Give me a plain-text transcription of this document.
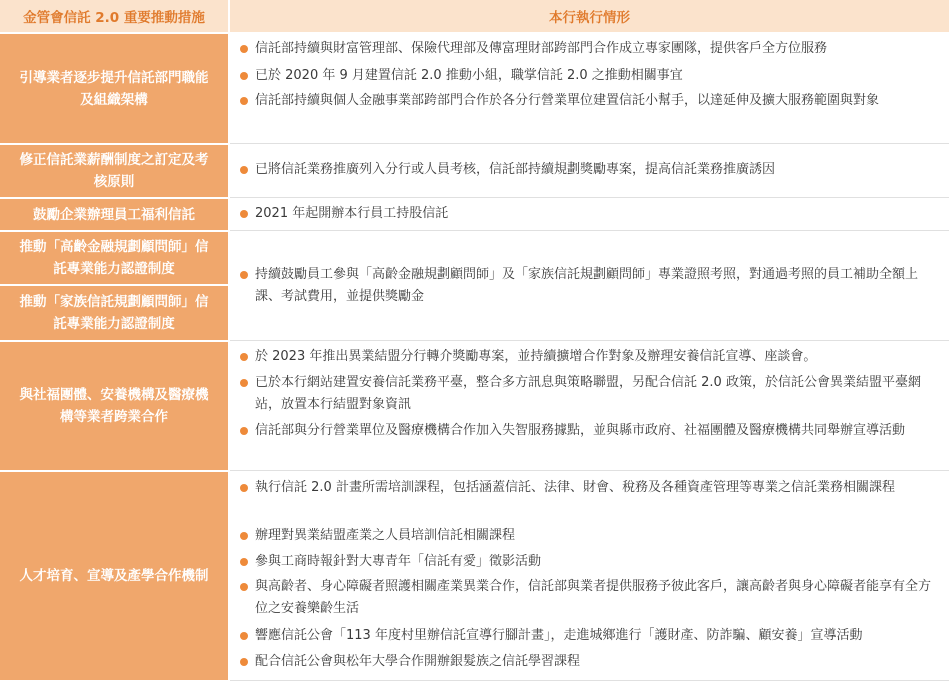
金管會信託 2.0 重要推動措施	本行執行情形
引導業者逐步提升信託部門職能及組織架構
信託部持續與財富管理部、保險代理部及傳富理財部跨部門合作成立專家團隊，提供客戶全方位服務
已於 2020 年 9 月建置信託 2.0 推動小組，職掌信託 2.0 之推動相關事宜
信託部持續與個人金融事業部跨部門合作於各分行營業單位建置信託小幫手，以達延伸及擴大服務範圍與對象
修正信託業薪酬制度之訂定及考核原則
已將信託業務推廣列入分行或人員考核，信託部持續規劃獎勵專案，提高信託業務推廣誘因
鼓勵企業辦理員工福利信託	2021 年起開辦本行員工持股信託
推動「高齡金融規劃顧問師」信託專業能力認證制度
推動「家族信託規劃顧問師」信託專業能力認證制度
持續鼓勵員工參與「高齡金融規劃顧問師」及「家族信託規劃顧問師」專業證照考照，對通過考照的員工補助全額上課、考試費用，並提供獎勵金
與社福團體、安養機構及醫療機構等業者跨業合作
於 2023 年推出異業結盟分行轉介獎勵專案，並持續擴增合作對象及辦理安養信託宣導、座談會。
已於本行網站建置安養信託業務平臺，整合多方訊息與策略聯盟，另配合信託 2.0 政策，於信託公會異業結盟平臺網站，放置本行結盟對象資訊
信託部與分行營業單位及醫療機構合作加入失智服務據點，並與縣市政府、社福團體及醫療機構共同舉辦宣導活動
人才培育、宣導及產學合作機制
執行信託 2.0 計畫所需培訓課程，包括涵蓋信託、法律、財會、稅務及各種資產管理等專業之信託業務相關課程
辦理對異業結盟產業之人員培訓信託相關課程
參與工商時報針對大專青年「信託有愛」徵影活動
與高齡者、身心障礙者照護相關產業異業合作，信託部與業者提供服務予彼此客戶，讓高齡者與身心障礙者能享有全方位之安養樂齡生活
響應信託公會「113 年度村里辦信託宣導行腳計畫」，走進城鄉進行「護財產、防詐騙、顧安養」宣導活動
配合信託公會與松年大學合作開辦銀髮族之信託學習課程
